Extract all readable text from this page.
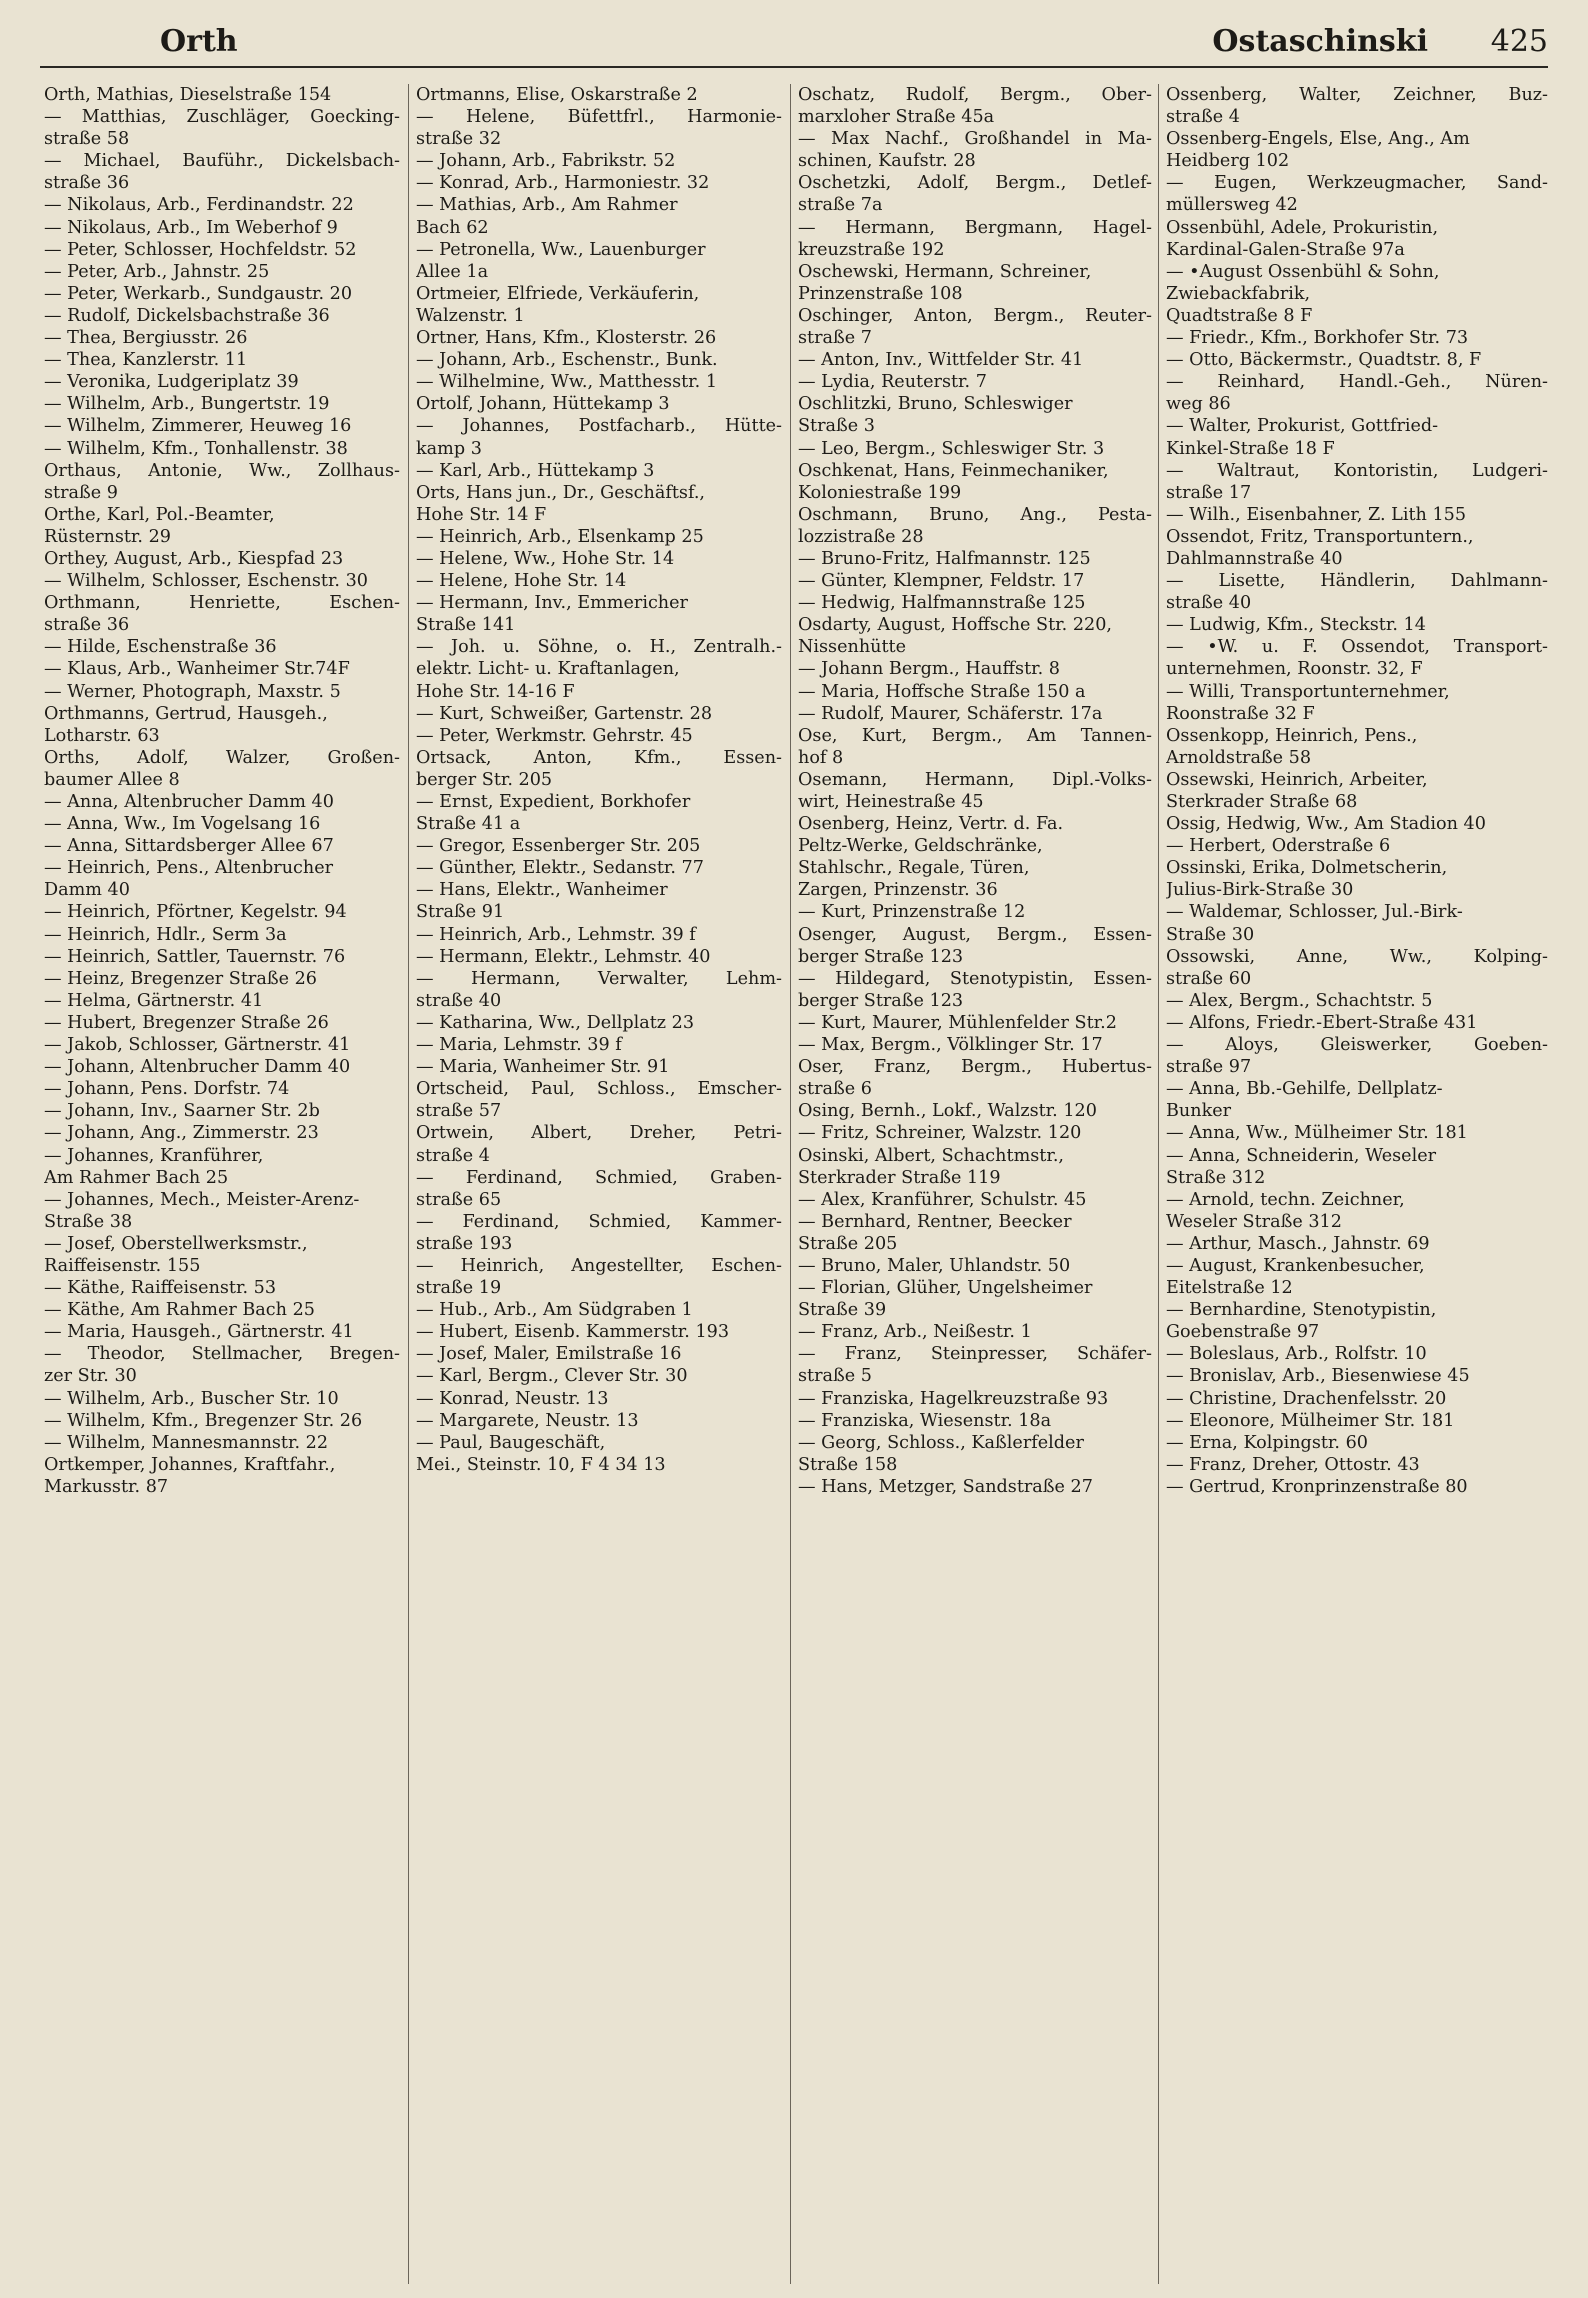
Orth	Ostaschinski 425
Orth, Mathias, Dieselstraße 154
— Matthias, Zuschläger, Goecking-
straße 58
— Michael, Bauführ., Dickelsbach-
straße 36
— Nikolaus, Arb., Ferdinandstr. 22
— Nikolaus, Arb., Im Weberhof 9
— Peter, Schlosser, Hochfeldstr. 52
— Peter, Arb., Jahnstr. 25
— Peter, Werkarb., Sundgaustr. 20
— Rudolf, Dickelsbachstraße 36
— Thea, Bergiusstr. 26
— Thea, Kanzlerstr. 11
— Veronika, Ludgeriplatz 39
— Wilhelm, Arb., Bungertstr. 19
— Wilhelm, Zimmerer, Heuweg 16
— Wilhelm, Kfm., Tonhallenstr. 38
Orthaus, Antonie, Ww., Zollhaus-
straße 9
Orthe, Karl, Pol.-Beamter,
Rüsternstr. 29
Orthey, August, Arb., Kiespfad 23
— Wilhelm, Schlosser, Eschenstr. 30
Orthmann, Henriette, Eschen-
straße 36
— Hilde, Eschenstraße 36
— Klaus, Arb., Wanheimer Str.74F
— Werner, Photograph, Maxstr. 5
Orthmanns, Gertrud, Hausgeh.,
Lotharstr. 63
Orths, Adolf, Walzer, Großen-
baumer Allee 8
— Anna, Altenbrucher Damm 40
— Anna, Ww., Im Vogelsang 16
— Anna, Sittardsberger Allee 67
— Heinrich, Pens., Altenbrucher
Damm 40
— Heinrich, Pförtner, Kegelstr. 94
— Heinrich, Hdlr., Serm 3a
— Heinrich, Sattler, Tauernstr. 76
— Heinz, Bregenzer Straße 26
— Helma, Gärtnerstr. 41
— Hubert, Bregenzer Straße 26
— Jakob, Schlosser, Gärtnerstr. 41
— Johann, Altenbrucher Damm 40
— Johann, Pens. Dorfstr. 74
— Johann, Inv., Saarner Str. 2b
— Johann, Ang., Zimmerstr. 23
— Johannes, Kranführer,
Am Rahmer Bach 25
— Johannes, Mech., Meister-Arenz-
Straße 38
— Josef, Oberstellwerksmstr.,
Raiffeisenstr. 155
— Käthe, Raiffeisenstr. 53
— Käthe, Am Rahmer Bach 25
— Maria, Hausgeh., Gärtnerstr. 41
— Theodor, Stellmacher, Bregen-
zer Str. 30
— Wilhelm, Arb., Buscher Str. 10
— Wilhelm, Kfm., Bregenzer Str. 26
— Wilhelm, Mannesmannstr. 22
Ortkemper, Johannes, Kraftfahr.,
Markusstr. 87
Ortmanns, Elise, Oskarstraße 2
— Helene, Büfettfrl., Harmonie-
straße 32
— Johann, Arb., Fabrikstr. 52
— Konrad, Arb., Harmoniestr. 32
— Mathias, Arb., Am Rahmer
Bach 62
— Petronella, Ww., Lauenburger
Allee 1a
Ortmeier, Elfriede, Verkäuferin,
Walzenstr. 1
Ortner, Hans, Kfm., Klosterstr. 26
— Johann, Arb., Eschenstr., Bunk.
— Wilhelmine, Ww., Matthesstr. 1
Ortolf, Johann, Hüttekamp 3
— Johannes, Postfacharb., Hütte-
kamp 3
— Karl, Arb., Hüttekamp 3
Orts, Hans jun., Dr., Geschäftsf.,
Hohe Str. 14 F
— Heinrich, Arb., Elsenkamp 25
— Helene, Ww., Hohe Str. 14
— Helene, Hohe Str. 14
— Hermann, Inv., Emmericher
Straße 141
— Joh. u. Söhne, o. H., Zentralh.-
elektr. Licht- u. Kraftanlagen,
Hohe Str. 14-16 F
— Kurt, Schweißer, Gartenstr. 28
— Peter, Werkmstr. Gehrstr. 45
Ortsack, Anton, Kfm., Essen-
berger Str. 205
— Ernst, Expedient, Borkhofer
Straße 41 a
— Gregor, Essenberger Str. 205
— Günther, Elektr., Sedanstr. 77
— Hans, Elektr., Wanheimer
Straße 91
— Heinrich, Arb., Lehmstr. 39 f
— Hermann, Elektr., Lehmstr. 40
— Hermann, Verwalter, Lehm-
straße 40
— Katharina, Ww., Dellplatz 23
— Maria, Lehmstr. 39 f
— Maria, Wanheimer Str. 91
Ortscheid, Paul, Schloss., Emscher-
straße 57
Ortwein, Albert, Dreher, Petri-
straße 4
— Ferdinand, Schmied, Graben-
straße 65
— Ferdinand, Schmied, Kammer-
straße 193
— Heinrich, Angestellter, Eschen-
straße 19
— Hub., Arb., Am Südgraben 1
— Hubert, Eisenb. Kammerstr. 193
— Josef, Maler, Emilstraße 16
— Karl, Bergm., Clever Str. 30
— Konrad, Neustr. 13
— Margarete, Neustr. 13
— Paul, Baugeschäft,
Mei., Steinstr. 10, F 4 34 13
Oschatz, Rudolf, Bergm., Ober-
marxloher Straße 45a
— Max Nachf., Großhandel in Ma-
schinen, Kaufstr. 28
Oschetzki, Adolf, Bergm., Detlef-
straße 7a
— Hermann, Bergmann, Hagel-
kreuzstraße 192
Oschewski, Hermann, Schreiner,
Prinzenstraße 108
Oschinger, Anton, Bergm., Reuter-
straße 7
— Anton, Inv., Wittfelder Str. 41
— Lydia, Reuterstr. 7
Oschlitzki, Bruno, Schleswiger
Straße 3
— Leo, Bergm., Schleswiger Str. 3
Oschkenat, Hans, Feinmechaniker,
Koloniestraße 199
Oschmann, Bruno, Ang., Pesta-
lozzistraße 28
— Bruno-Fritz, Halfmannstr. 125
— Günter, Klempner, Feldstr. 17
— Hedwig, Halfmannstraße 125
Osdarty, August, Hoffsche Str. 220,
Nissenhütte
— Johann Bergm., Hauffstr. 8
— Maria, Hoffsche Straße 150 a
— Rudolf, Maurer, Schäferstr. 17a
Ose, Kurt, Bergm., Am Tannen-
hof 8
Osemann, Hermann, Dipl.-Volks-
wirt, Heinestraße 45
Osenberg, Heinz, Vertr. d. Fa.
Peltz-Werke, Geldschränke,
Stahlschr., Regale, Türen,
Zargen, Prinzenstr. 36
— Kurt, Prinzenstraße 12
Osenger, August, Bergm., Essen-
berger Straße 123
— Hildegard, Stenotypistin, Essen-
berger Straße 123
— Kurt, Maurer, Mühlenfelder Str.2
— Max, Bergm., Völklinger Str. 17
Oser, Franz, Bergm., Hubertus-
straße 6
Osing, Bernh., Lokf., Walzstr. 120
— Fritz, Schreiner, Walzstr. 120
Osinski, Albert, Schachtmstr.,
Sterkrader Straße 119
— Alex, Kranführer, Schulstr. 45
— Bernhard, Rentner, Beecker
Straße 205
— Bruno, Maler, Uhlandstr. 50
— Florian, Glüher, Ungelsheimer
Straße 39
— Franz, Arb., Neißestr. 1
— Franz, Steinpresser, Schäfer-
straße 5
— Franziska, Hagelkreuzstraße 93
— Franziska, Wiesenstr. 18a
— Georg, Schloss., Kaßlerfelder
Straße 158
— Hans, Metzger, Sandstraße 27
Ossenberg, Walter, Zeichner, Buz-
straße 4
Ossenberg-Engels, Else, Ang., Am
Heidberg 102
— Eugen, Werkzeugmacher, Sand-
müllersweg 42
Ossenbühl, Adele, Prokuristin,
Kardinal-Galen-Straße 97a
— •August Ossenbühl & Sohn,
Zwiebackfabrik,
Quadtstraße 8 F
— Friedr., Kfm., Borkhofer Str. 73
— Otto, Bäckermstr., Quadtstr. 8, F
— Reinhard, Handl.-Geh., Nüren-
weg 86
— Walter, Prokurist, Gottfried-
Kinkel-Straße 18 F
— Waltraut, Kontoristin, Ludgeri-
straße 17
— Wilh., Eisenbahner, Z. Lith 155
Ossendot, Fritz, Transportuntern.,
Dahlmannstraße 40
— Lisette, Händlerin, Dahlmann-
straße 40
— Ludwig, Kfm., Steckstr. 14
— •W. u. F. Ossendot, Transport-
unternehmen, Roonstr. 32, F
— Willi, Transportunternehmer,
Roonstraße 32 F
Ossenkopp, Heinrich, Pens.,
Arnoldstraße 58
Ossewski, Heinrich, Arbeiter,
Sterkrader Straße 68
Ossig, Hedwig, Ww., Am Stadion 40
— Herbert, Oderstraße 6
Ossinski, Erika, Dolmetscherin,
Julius-Birk-Straße 30
— Waldemar, Schlosser, Jul.-Birk-
Straße 30
Ossowski, Anne, Ww., Kolping-
straße 60
— Alex, Bergm., Schachtstr. 5
— Alfons, Friedr.-Ebert-Straße 431
— Aloys, Gleiswerker, Goeben-
straße 97
— Anna, Bb.-Gehilfe, Dellplatz-
Bunker
— Anna, Ww., Mülheimer Str. 181
— Anna, Schneiderin, Weseler
Straße 312
— Arnold, techn. Zeichner,
Weseler Straße 312
— Arthur, Masch., Jahnstr. 69
— August, Krankenbesucher,
Eitelstraße 12
— Bernhardine, Stenotypistin,
Goebenstraße 97
— Boleslaus, Arb., Rolfstr. 10
— Bronislav, Arb., Biesenwiese 45
— Christine, Drachenfelsstr. 20
— Eleonore, Mülheimer Str. 181
— Erna, Kolpingstr. 60
— Franz, Dreher, Ottostr. 43
— Gertrud, Kronprinzenstraße 80
